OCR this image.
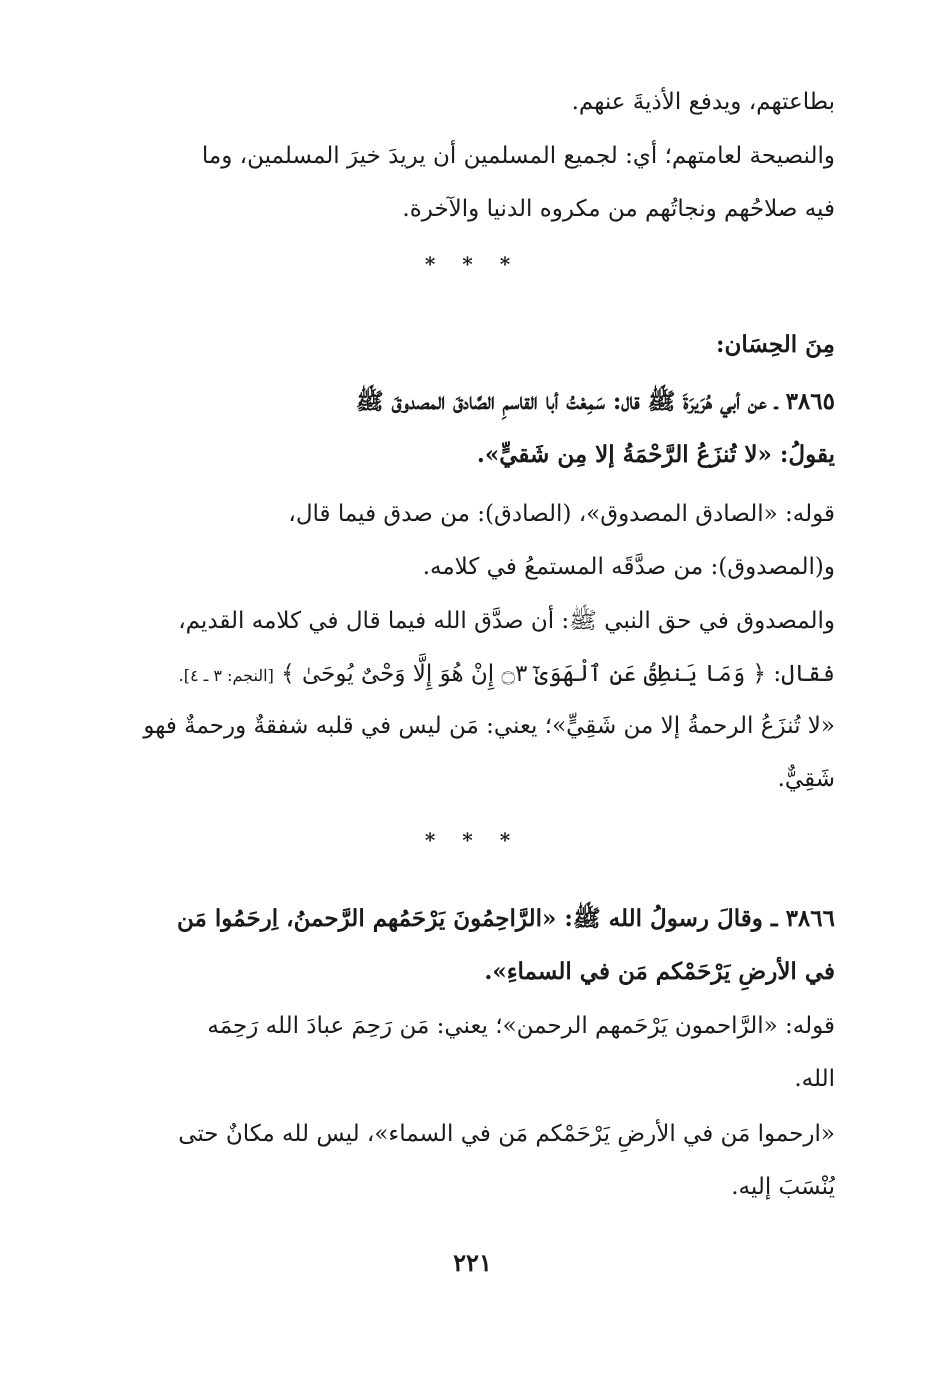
بطاعتهم، ويدفع الأذيةَ عنهم.
والنصيحة لعامتهم؛ أي: لجميع المسلمين أن يريدَ خيرَ المسلمين، وما
فيه صلاحُهم ونجاتُهم من مكروه الدنيا والآخرة.
* * *
مِنَ الحِسَان:
٣٨٦٥ ـ عن أبي هُرَيرَةَ ﷺ قال: سَمِعْتُ أبا القاسمِ الصَّادقَ المصدوقَ ﷺ
يقولُ: «لا تُنزَعُ الرَّحْمَةُ إلا مِن شَقيٍّ».
قوله: «الصادق المصدوق»، (الصادق): من صدق فيما قال،
و(المصدوق): من صدَّقَه المستمعُ في كلامه.
والمصدوق في حق النبي ﷺ: أن صدَّق الله فيما قال في كلامه القديم،
فقال: ﴿ وَمَا يَنطِقُ عَنِ ٱلْهَوَىٰٓ ۝٣ إِنْ هُوَ إِلَّا وَحْىٌ يُوحَىٰ ﴾ [النجم: ٣ ـ ٤].
«لا تُنزَعُ الرحمةُ إلا من شَقِيٍّ»؛ يعني: مَن ليس في قلبه شفقةٌ ورحمةٌ فهو
شَقِيٌّ.
* * *
٣٨٦٦ ـ وقالَ رسولُ الله ﷺ: «الرَّاحِمُونَ يَرْحَمُهم الرَّحمنُ، اِرحَمُوا مَن
في الأرضِ يَرْحَمْكم مَن في السماءِ».
قوله: «الرَّاحمون يَرْحَمهم الرحمن»؛ يعني: مَن رَحِمَ عبادَ الله رَحِمَه
الله.
«ارحموا مَن في الأرضِ يَرْحَمْكم مَن في السماء»، ليس لله مكانٌ حتى
يُنْسَبَ إليه.
٢٢١
